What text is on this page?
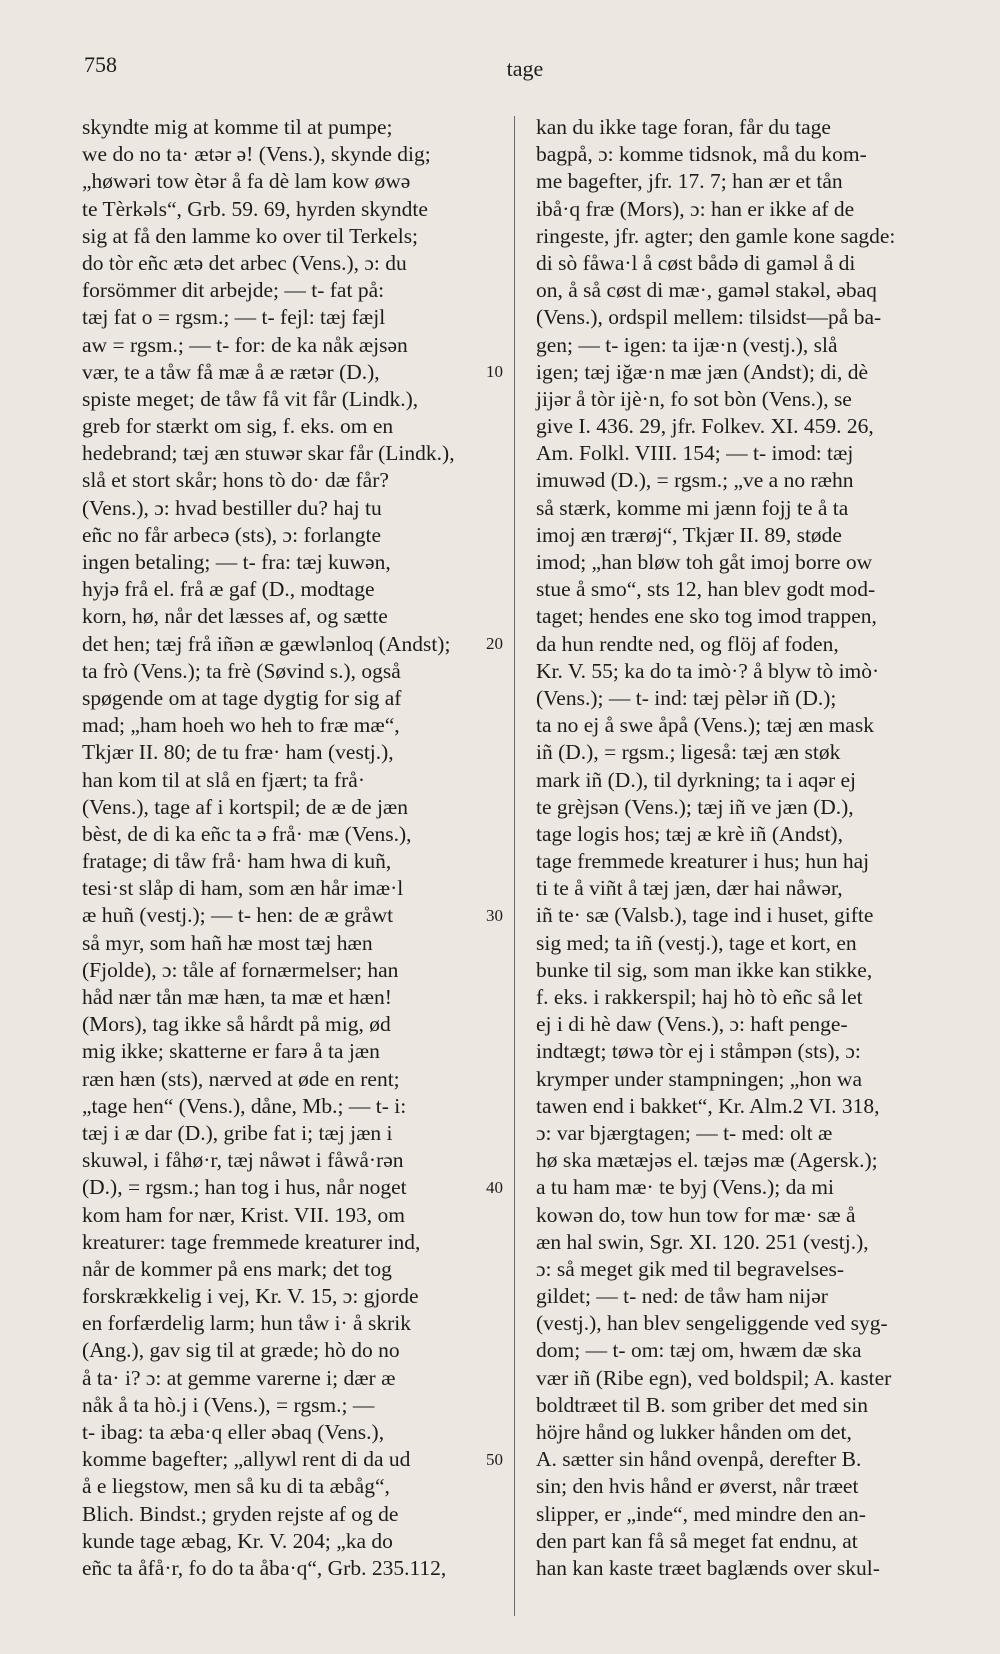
758	tage
skyndte mig at komme til at pumpe;
we do no ta· ætər ə! (Vens.), skynde dig;
„høwəri tow ètər å fa dè lam kow øwə
te Tèrkəls“, Grb. 59. 69, hyrden skyndte
sig at få den lamme ko over til Terkels;
do tòr eñc ætə det arbec (Vens.), ɔ: du
forsömmer dit arbejde; — t- fat på:
tæj fat o = rgsm.; — t- fejl: tæj fæjl
aw = rgsm.; — t- for: de ka nåk æjsən
vær, te a tåw få mæ å æ rætər (D.),
spiste meget; de tåw få vit får (Lindk.),
greb for stærkt om sig, f. eks. om en
hedebrand; tæj æn stuwər skar får (Lindk.),
slå et stort skår; hons tò do· dæ får?
(Vens.), ɔ: hvad bestiller du? haj tu
eñc no får arbecə (sts), ɔ: forlangte
ingen betaling; — t- fra: tæj kuwən,
hyjə frå el. frå æ gaf (D., modtage
korn, hø, når det læsses af, og sætte
det hen; tæj frå iñən æ gæwlənloq (Andst);
ta frò (Vens.); ta frè (Søvind s.), også
spøgende om at tage dygtig for sig af
mad; „ham hoeh wo heh to fræ mæ“,
Tkjær II. 80; de tu fræ· ham (vestj.),
han kom til at slå en fjært; ta frå·
(Vens.), tage af i kortspil; de æ de jæn
bèst, de di ka eñc ta ə frå· mæ (Vens.),
fratage; di tåw frå· ham hwa di kuñ,
tesi·st slåp di ham, som æn hår imæ·l
æ huñ (vestj.); — t- hen: de æ gråwt
så myr, som hañ hæ most tæj hæn
(Fjolde), ɔ: tåle af fornærmelser; han
håd nær tån mæ hæn, ta mæ et hæn!
(Mors), tag ikke så hårdt på mig, ød
mig ikke; skatterne er farə å ta jæn
ræn hæn (sts), nærved at øde en rent;
„tage hen“ (Vens.), dåne, Mb.; — t- i:
tæj i æ dar (D.), gribe fat i; tæj jæn i
skuwəl, i fåhø·r, tæj nåwət i fåwå·rən
(D.), = rgsm.; han tog i hus, når noget
kom ham for nær, Krist. VII. 193, om
kreaturer: tage fremmede kreaturer ind,
når de kommer på ens mark; det tog
forskrækkelig i vej, Kr. V. 15, ɔ: gjorde
en forfærdelig larm; hun tåw i· å skrik
(Ang.), gav sig til at græde; hò do no
å ta· i? ɔ: at gemme varerne i; dær æ
nåk å ta hò.j i (Vens.), = rgsm.; —
t- ibag: ta æba·q eller əbaq (Vens.),
komme bagefter; „allywl rent di da ud
å e liegstow, men så ku di ta æbåg“,
Blich. Bindst.; gryden rejste af og de
kunde tage æbag, Kr. V. 204; „ka do
eñc ta åfå·r, fo do ta åba·q“, Grb. 235.112,
kan du ikke tage foran, får du tage
bagpå, ɔ: komme tidsnok, må du kom-
me bagefter, jfr. 17. 7; han ær et tån
ibå·q fræ (Mors), ɔ: han er ikke af de
ringeste, jfr. agter; den gamle kone sagde:
di sò fåwa·l å cøst bådə di gaməl å di
on, å så cøst di mæ·, gaməl stakəl, əbaq
(Vens.), ordspil mellem: tilsidst—på ba-
gen; — t- igen: ta ijæ·n (vestj.), slå
igen; tæj iğæ·n mæ jæn (Andst); di, dè
jijər å tòr ijè·n, fo sot bòn (Vens.), se
give I. 436. 29, jfr. Folkev. XI. 459. 26,
Am. Folkl. VIII. 154; — t- imod: tæj
imuwəd (D.), = rgsm.; „ve a no ræhn
så stærk, komme mi jænn fojj te å ta
imoj æn trærøj“, Tkjær II. 89, støde
imod; „han bløw toh gåt imoj borre ow
stue å smo“, sts 12, han blev godt mod-
taget; hendes ene sko tog imod trappen,
da hun rendte ned, og flöj af foden,
Kr. V. 55; ka do ta imò·? å blyw tò imò·
(Vens.); — t- ind: tæj pèlər iñ (D.);
ta no ej å swe åpå (Vens.); tæj æn mask
iñ (D.), = rgsm.; ligeså: tæj æn støk
mark iñ (D.), til dyrkning; ta i aqər ej
te grèjsən (Vens.); tæj iñ ve jæn (D.),
tage logis hos; tæj æ krè iñ (Andst),
tage fremmede kreaturer i hus; hun haj
ti te å viñt å tæj jæn, dær hai nåwər,
iñ te· sæ (Valsb.), tage ind i huset, gifte
sig med; ta iñ (vestj.), tage et kort, en
bunke til sig, som man ikke kan stikke,
f. eks. i rakkerspil; haj hò tò eñc så let
ej i di hè daw (Vens.), ɔ: haft penge-
indtægt; tøwə tòr ej i ståmpən (sts), ɔ:
krymper under stampningen; „hon wa
tawen end i bakket“, Kr. Alm.2 VI. 318,
ɔ: var bjærgtagen; — t- med: olt æ
hø ska mætæjəs el. tæjəs mæ (Agersk.);
a tu ham mæ· te byj (Vens.); da mi
kowən do, tow hun tow for mæ· sæ å
æn hal swin, Sgr. XI. 120. 251 (vestj.),
ɔ: så meget gik med til begravelses-
gildet; — t- ned: de tåw ham nijər
(vestj.), han blev sengeliggende ved syg-
dom; — t- om: tæj om, hwæm dæ ska
vær iñ (Ribe egn), ved boldspil; A. kaster
boldtræet til B. som griber det med sin
höjre hånd og lukker hånden om det,
A. sætter sin hånd ovenpå, derefter B.
sin; den hvis hånd er øverst, når træet
slipper, er „inde“, med mindre den an-
den part kan få så meget fat endnu, at
han kan kaste træet baglænds over skul-
10
20
30
40
50
